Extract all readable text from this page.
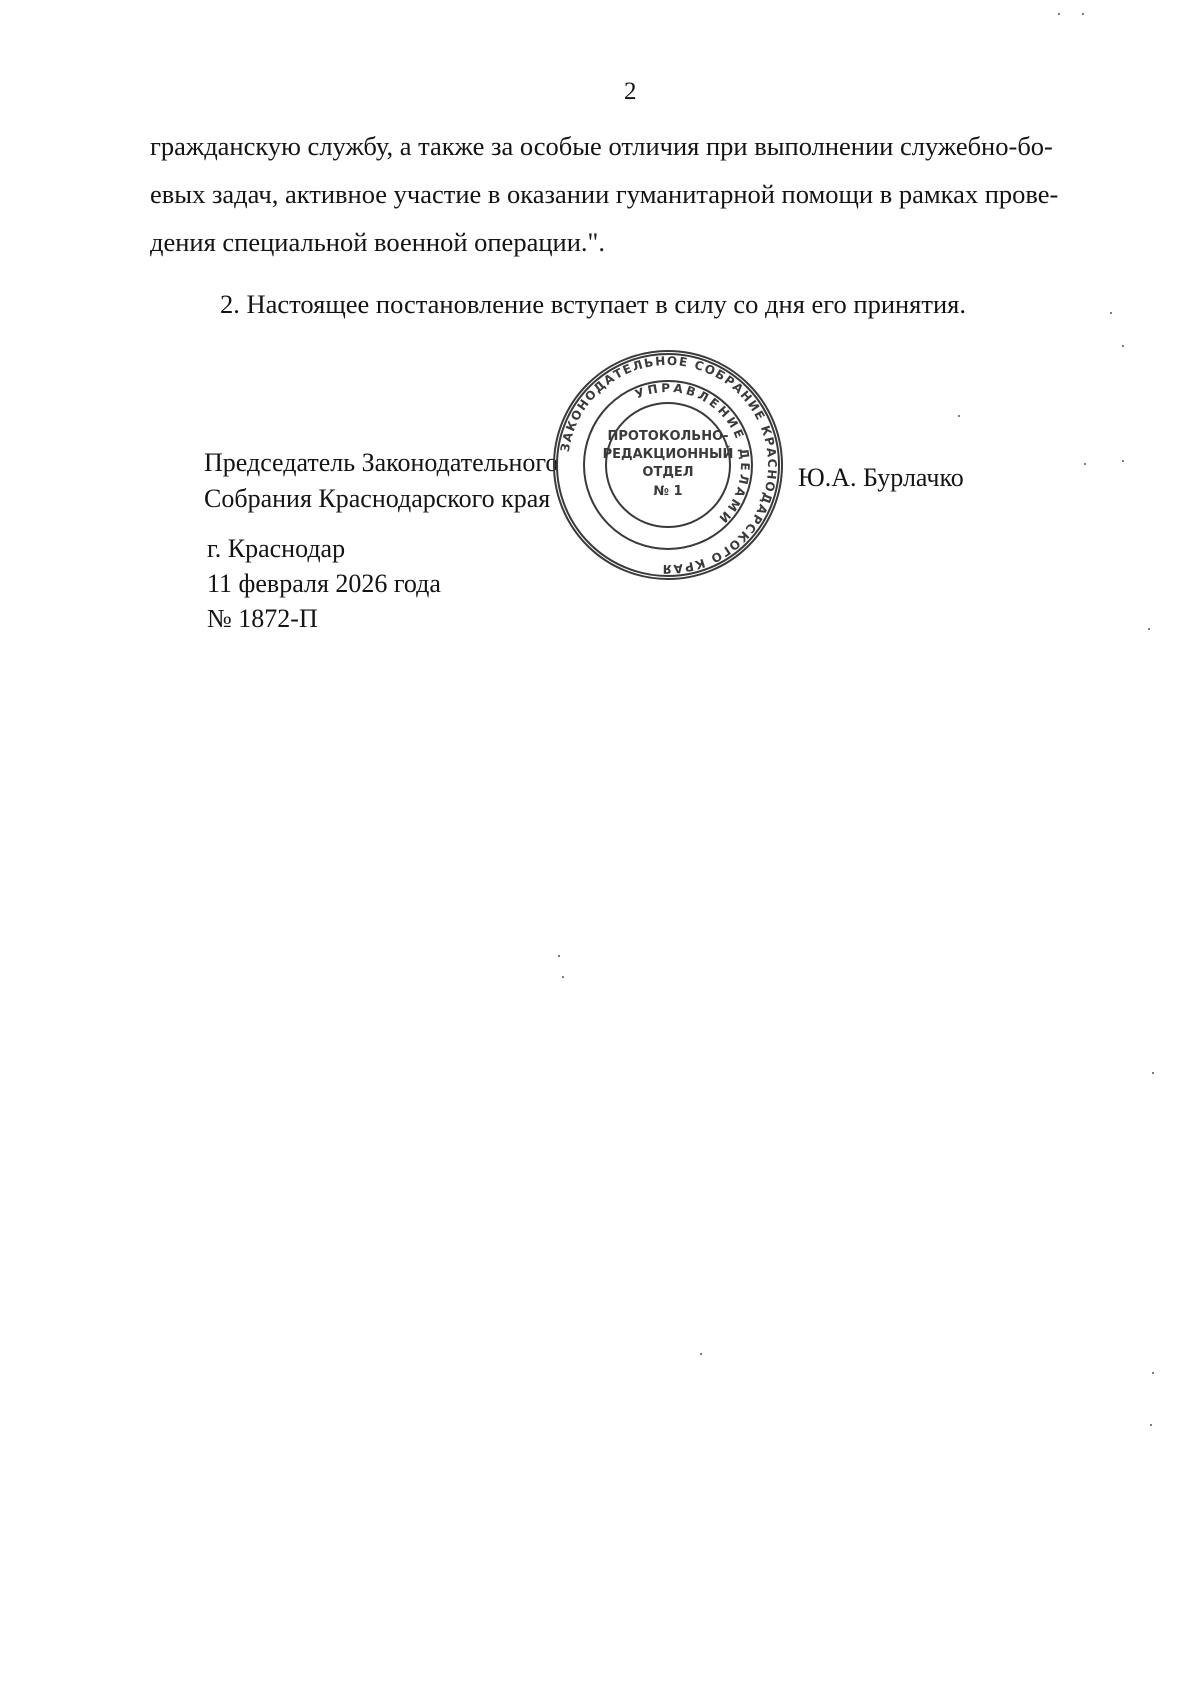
2
гражданскую службу, а также за особые отличия при выполнении служебно-бо-
евых задач, активное участие в оказании гуманитарной помощи в рамках прове-
дения специальной военной операции.".
2. Настоящее постановление вступает в силу со дня его принятия.
Председатель Законодательного
Собрания Краснодарского края
Ю.А. Бурлачко
г. Краснодар
11 февраля 2026 года
№ 1872-П
ЗАКОНОДАТЕЛЬНОЕ СОБРАНИЕ КРАСНОДАРСКОГО КРАЯ
УПРАВЛЕНИЕ ДЕЛАМИ
ПРОТОКОЛЬНО-
РЕДАКЦИОННЫЙ
ОТДЕЛ
№ 1
